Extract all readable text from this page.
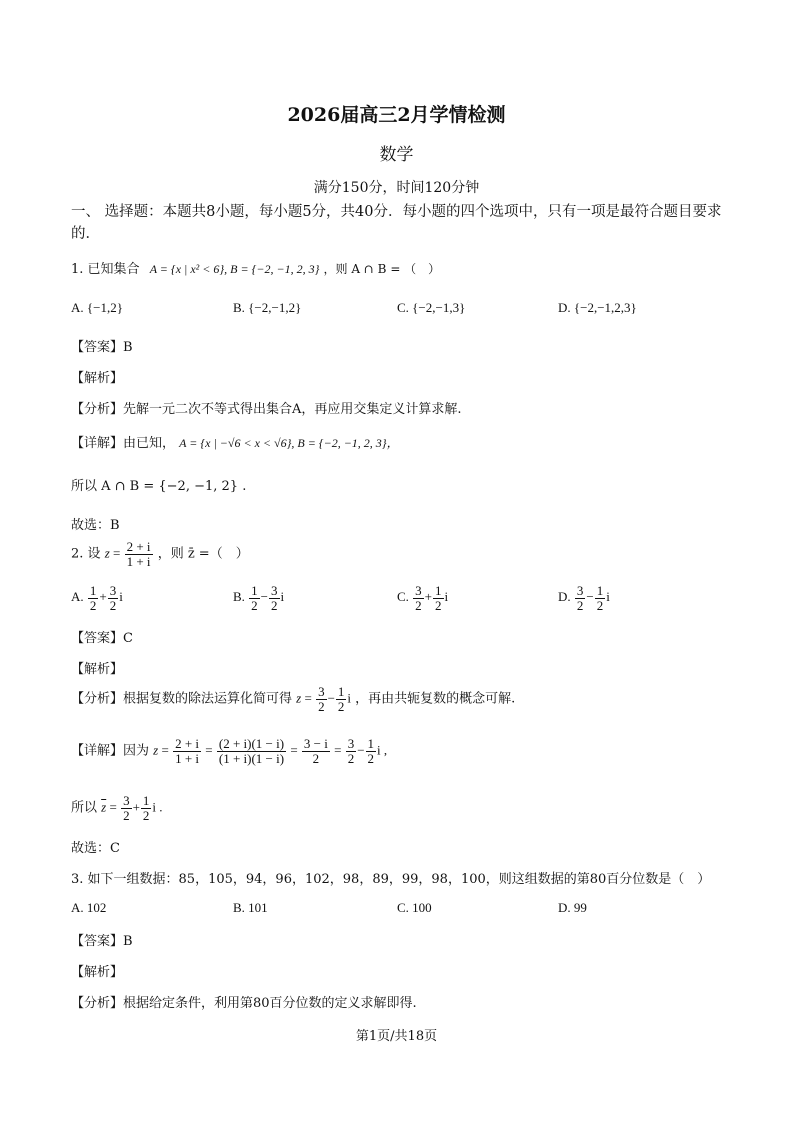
2026届高三2月学情检测
数学
满分150分，时间120分钟
一、 选择题：本题共8小题，每小题5分，共40分．每小题的四个选项中，只有一项是最符合题目要求的．
1. 已知集合 A = {x | x² < 6}, B = {−2, −1, 2, 3} ，则 A ∩ B = （　）
A. {−1,2}	B. {−2,−1,2}	C. {−2,−1,3}	D. {−2,−1,2,3}
【答案】B
【解析】
【分析】先解一元二次不等式得出集合A，再应用交集定义计算求解.
【详解】由已知， A = {x | −√6 < x < √6}, B = {−2, −1, 2, 3}，
所以 A ∩ B = {−2, −1, 2} .
故选：B
2. 设 $z = \frac{2 + i}{1 + i}$ ，则 z̄ =（　）
A. $\frac{1}{2} + \frac{3}{2}$ i	B. $\frac{1}{2} - \frac{3}{2}$ i	C. $\frac{3}{2} + \frac{1}{2}$ i	D. $\frac{3}{2} - \frac{1}{2}$ i
【答案】C
【解析】
【分析】根据复数的除法运算化简可得 $z = \frac{3}{2} - \frac{1}{2}$ i ，再由共轭复数的概念可解.
【详解】因为 $z = \frac{2 + i}{1 + i} = \frac{(2 + i)(1 - i)}{(1 + i)(1 - i)} = \frac{3 - i}{2} = \frac{3}{2} - \frac{1}{2}$ i ,
所以 $\overline{z} = \frac{3}{2} + \frac{1}{2}$ i .
故选：C
3. 如下一组数据：85，105，94，96，102，98，89，99，98，100，则这组数据的第80百分位数是（　）
A. 102	B. 101	C. 100	D. 99
【答案】B
【解析】
【分析】根据给定条件，利用第80百分位数的定义求解即得.
第1页/共18页
